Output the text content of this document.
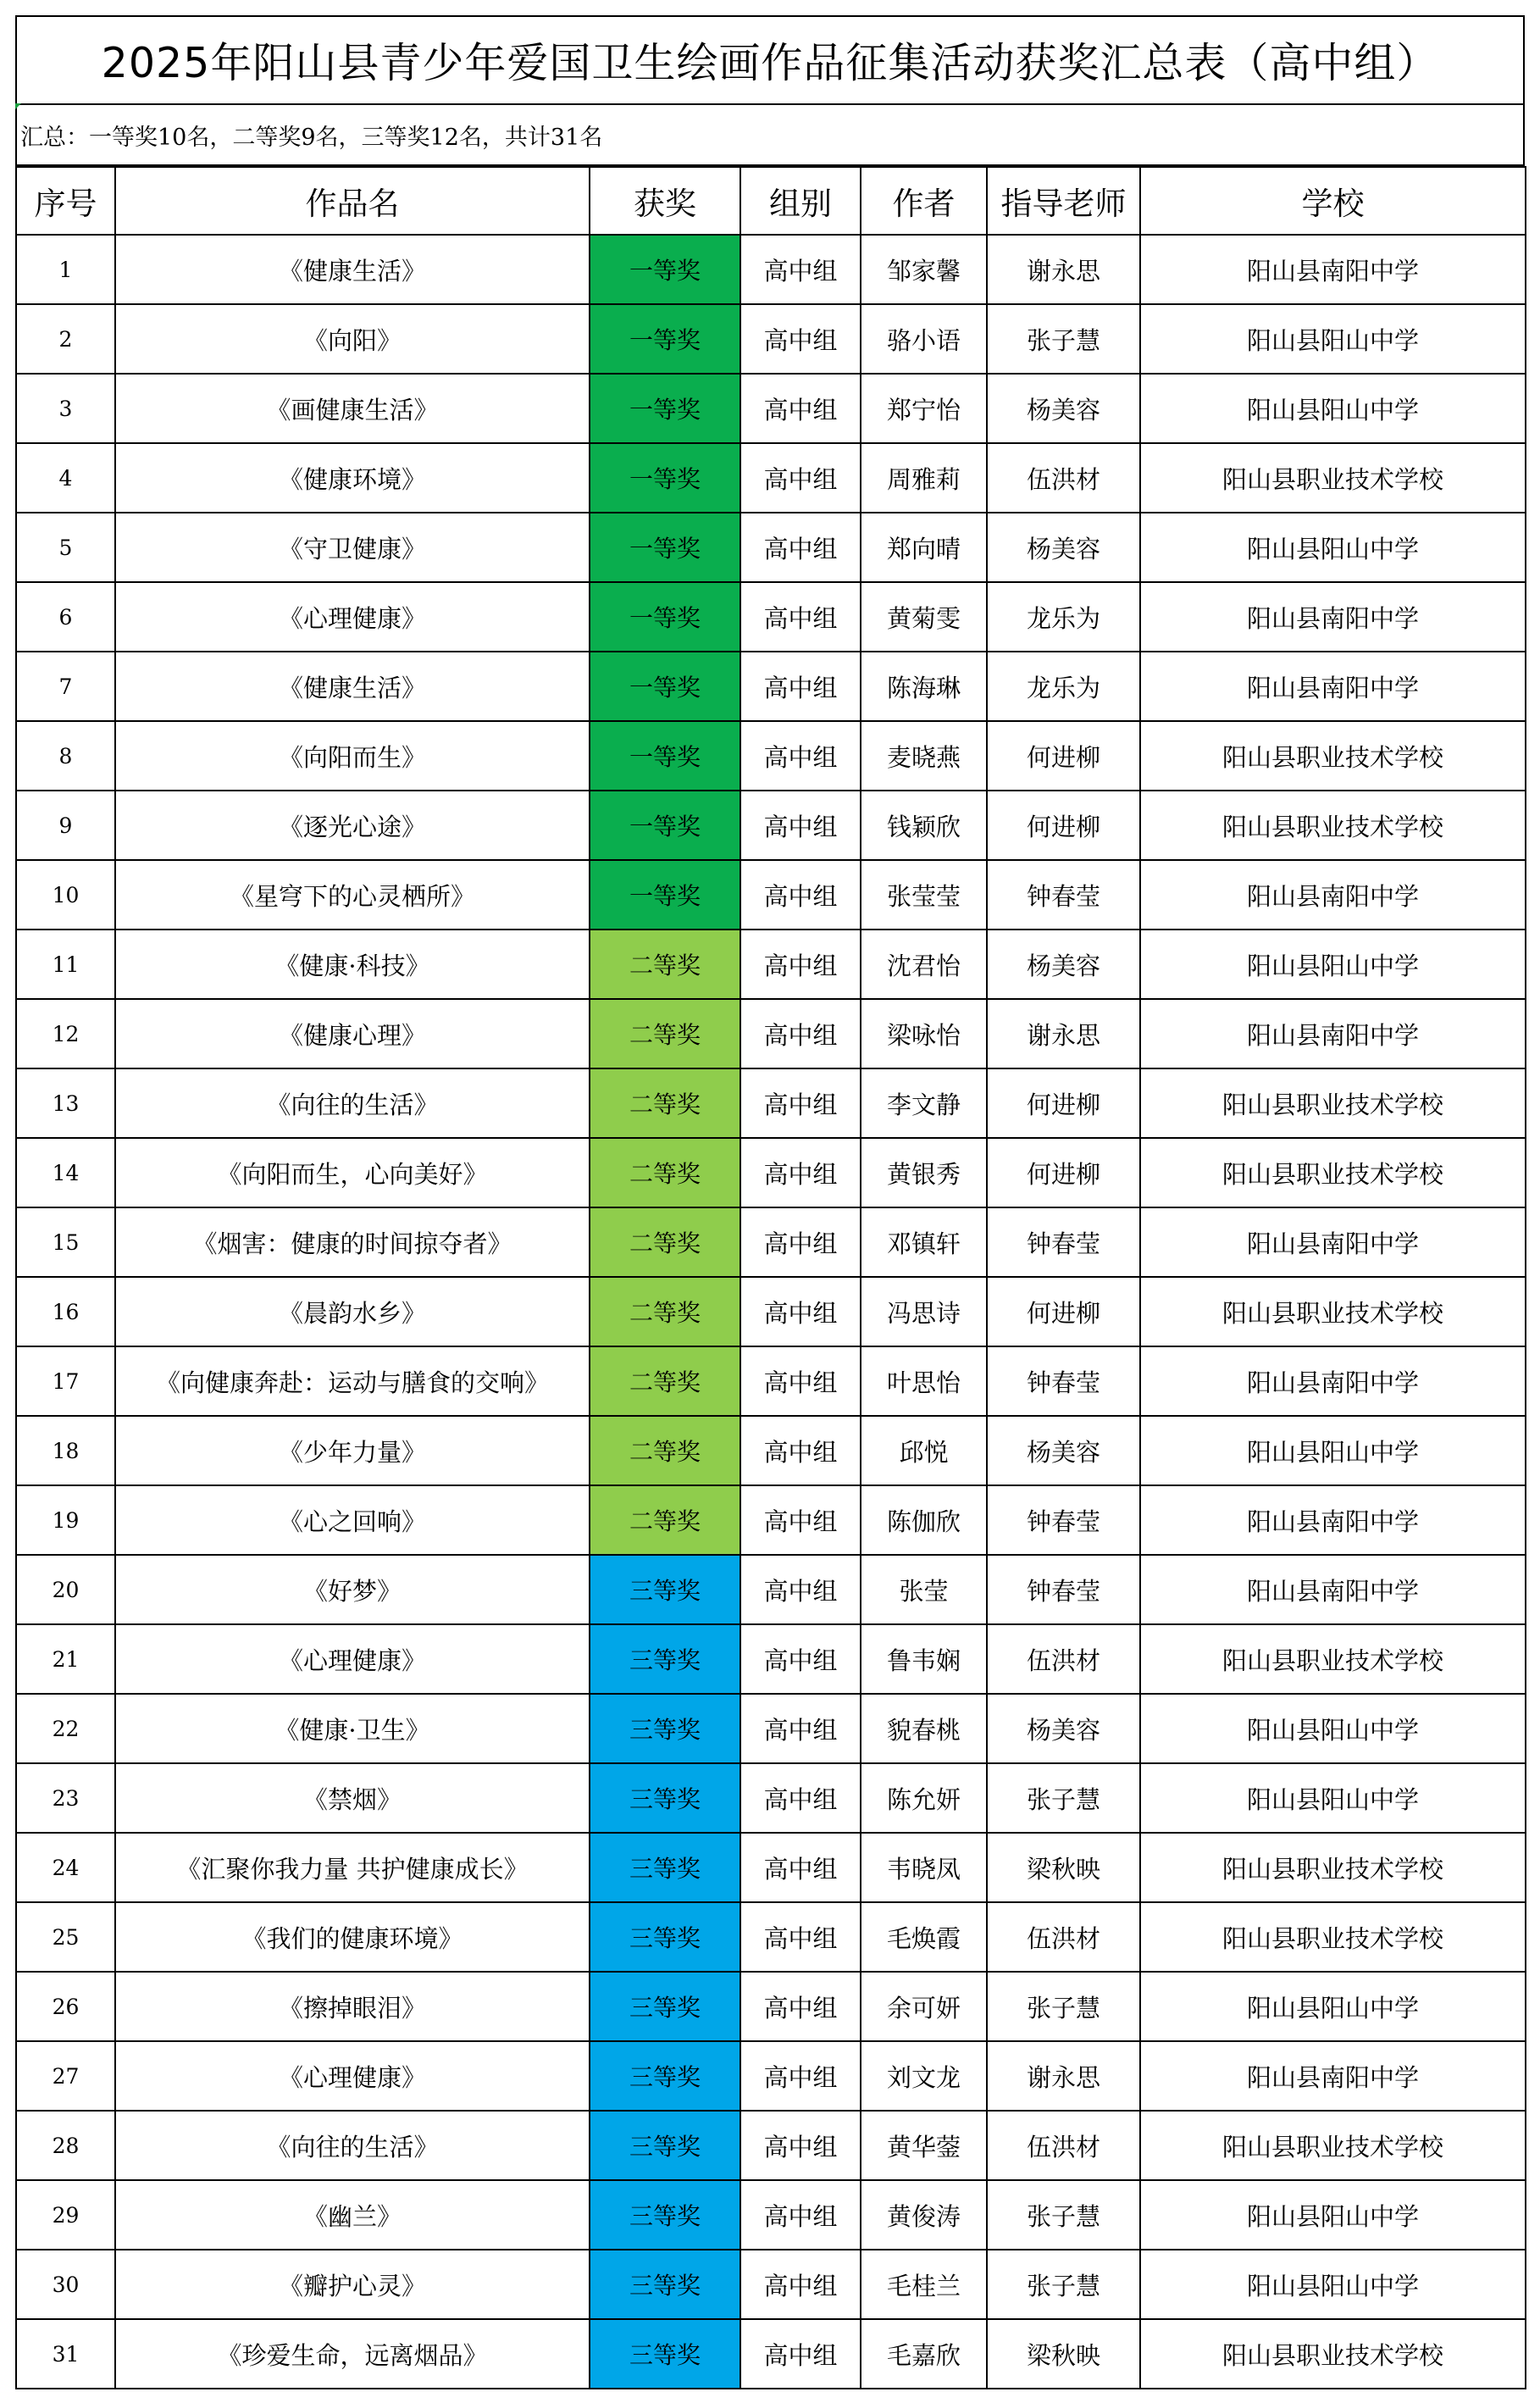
2025年阳山县青少年爱国卫生绘画作品征集活动获奖汇总表（高中组）
汇总：一等奖10名，二等奖9名，三等奖12名，共计31名
序号	作品名	获奖	组别	作者	指导老师	学校
1	《健康生活》	一等奖	高中组	邹家馨	谢永思	阳山县南阳中学
2	《向阳》	一等奖	高中组	骆小语	张子慧	阳山县阳山中学
3	《画健康生活》	一等奖	高中组	郑宁怡	杨美容	阳山县阳山中学
4	《健康环境》	一等奖	高中组	周雅莉	伍洪材	阳山县职业技术学校
5	《守卫健康》	一等奖	高中组	郑向晴	杨美容	阳山县阳山中学
6	《心理健康》	一等奖	高中组	黄菊雯	龙乐为	阳山县南阳中学
7	《健康生活》	一等奖	高中组	陈海琳	龙乐为	阳山县南阳中学
8	《向阳而生》	一等奖	高中组	麦晓燕	何进柳	阳山县职业技术学校
9	《逐光心途》	一等奖	高中组	钱颖欣	何进柳	阳山县职业技术学校
10	《星穹下的心灵栖所》	一等奖	高中组	张莹莹	钟春莹	阳山县南阳中学
11	《健康·科技》	二等奖	高中组	沈君怡	杨美容	阳山县阳山中学
12	《健康心理》	二等奖	高中组	梁咏怡	谢永思	阳山县南阳中学
13	《向往的生活》	二等奖	高中组	李文静	何进柳	阳山县职业技术学校
14	《向阳而生，心向美好》	二等奖	高中组	黄银秀	何进柳	阳山县职业技术学校
15	《烟害：健康的时间掠夺者》	二等奖	高中组	邓镇轩	钟春莹	阳山县南阳中学
16	《晨韵水乡》	二等奖	高中组	冯思诗	何进柳	阳山县职业技术学校
17	《向健康奔赴：运动与膳食的交响》	二等奖	高中组	叶思怡	钟春莹	阳山县南阳中学
18	《少年力量》	二等奖	高中组	邱悦	杨美容	阳山县阳山中学
19	《心之回响》	二等奖	高中组	陈伽欣	钟春莹	阳山县南阳中学
20	《好梦》	三等奖	高中组	张莹	钟春莹	阳山县南阳中学
21	《心理健康》	三等奖	高中组	鲁韦娴	伍洪材	阳山县职业技术学校
22	《健康·卫生》	三等奖	高中组	貌春桃	杨美容	阳山县阳山中学
23	《禁烟》	三等奖	高中组	陈允妍	张子慧	阳山县阳山中学
24	《汇聚你我力量 共护健康成长》	三等奖	高中组	韦晓凤	梁秋映	阳山县职业技术学校
25	《我们的健康环境》	三等奖	高中组	毛焕霞	伍洪材	阳山县职业技术学校
26	《擦掉眼泪》	三等奖	高中组	余可妍	张子慧	阳山县阳山中学
27	《心理健康》	三等奖	高中组	刘文龙	谢永思	阳山县南阳中学
28	《向往的生活》	三等奖	高中组	黄华蓥	伍洪材	阳山县职业技术学校
29	《幽兰》	三等奖	高中组	黄俊涛	张子慧	阳山县阳山中学
30	《瓣护心灵》	三等奖	高中组	毛桂兰	张子慧	阳山县阳山中学
31	《珍爱生命，远离烟品》	三等奖	高中组	毛嘉欣	梁秋映	阳山县职业技术学校
